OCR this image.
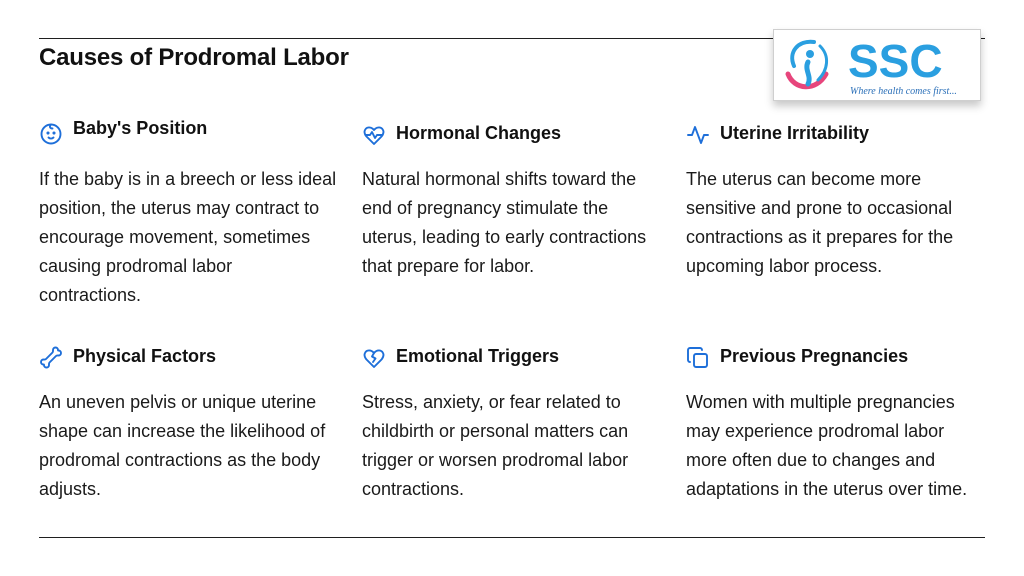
Causes of Prodromal Labor	SSC
Where health comes first...
Baby's Position

If the baby is in a breech or less ideal position, the uterus may contract to encourage movement, sometimes causing prodromal labor contractions.

Hormonal Changes

Natural hormonal shifts toward the end of pregnancy stimulate the uterus, leading to early contractions that prepare for labor.

Uterine Irritability

The uterus can become more sensitive and prone to occasional contractions as it prepares for the upcoming labor process.

Physical Factors

An uneven pelvis or unique uterine shape can increase the likelihood of prodromal contractions as the body adjusts.

Emotional Triggers

Stress, anxiety, or fear related to childbirth or personal matters can trigger or worsen prodromal labor contractions.

Previous Pregnancies

Women with multiple pregnancies may experience prodromal labor more often due to changes and adaptations in the uterus over time.
